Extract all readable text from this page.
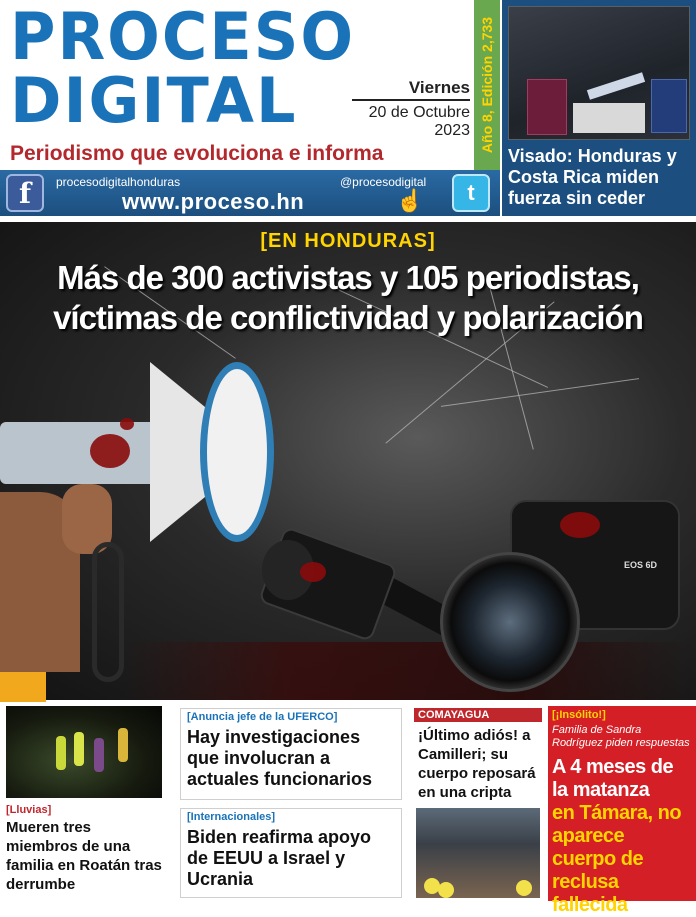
PROCESO
DIGITAL	Viernes
20 de Octubre
2023
Periodismo que evoluciona e informa
Año 8, Edición 2,733
f	procesodigitalhonduras	@procesodigital	t
www.proceso.hn	☝
Visado: Honduras y Costa Rica miden fuerza sin ceder
EOS 6D
[EN HONDURAS]
Más de 300 activistas y 105 periodistas,
víctimas de conflictividad y polarización
[Lluvias]
Mueren tres miembros de una familia en Roatán tras derrumbe
[Anuncia jefe de la UFERCO]
Hay investigaciones que involucran a actuales funcionarios
[Internacionales]
Biden reafirma apoyo de EEUU a Israel y Ucrania
COMAYAGUA
¡Último adiós! a Camilleri; su cuerpo reposará en una cripta
[¡Insólito!]
Familia de Sandra Rodríguez piden respuestas
A 4 meses de la matanza
en Támara, no aparece cuerpo de reclusa fallecida
